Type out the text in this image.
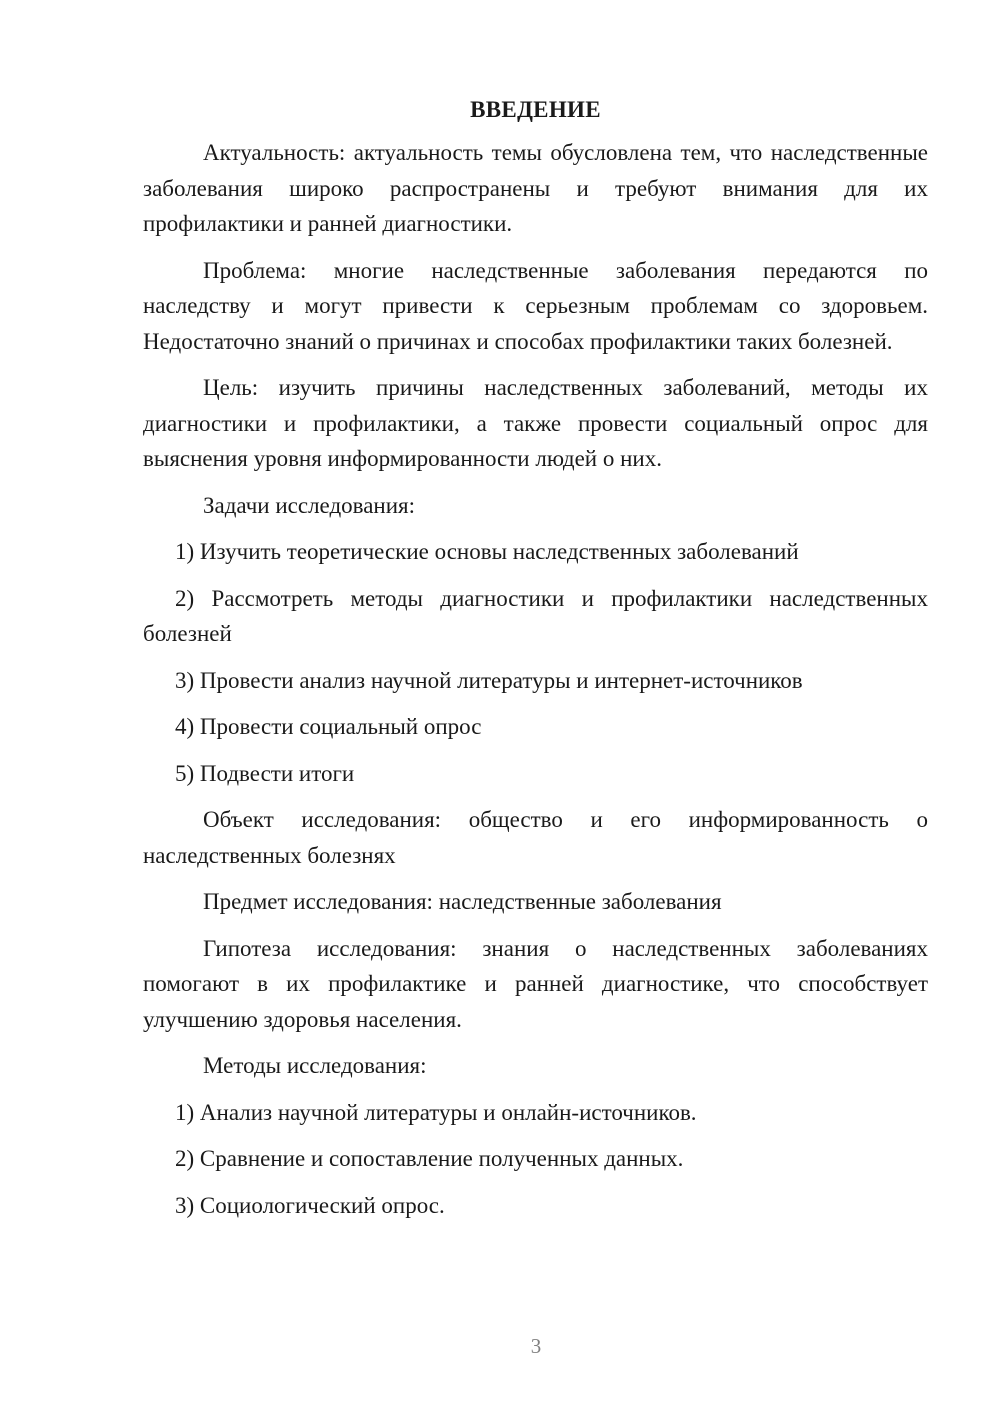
ВВЕДЕНИЕ

Актуальность: актуальность темы обусловлена тем, что наследственные заболевания широко распространены и требуют внимания для их профилактики и ранней диагностики.

Проблема: многие наследственные заболевания передаются по наследству и могут привести к серьезным проблемам со здоровьем. Недостаточно знаний о причинах и способах профилактики таких болезней.

Цель: изучить причины наследственных заболеваний, методы их диагностики и профилактики, а также провести социальный опрос для выяснения уровня информированности людей о них.

Задачи исследования:

1) Изучить теоретические основы наследственных заболеваний

2) Рассмотреть методы диагностики и профилактики наследственных болезней

3) Провести анализ научной литературы и интернет-источников

4) Провести социальный опрос

5) Подвести итоги

Объект исследования: общество и его информированность о наследственных болезнях

Предмет исследования: наследственные заболевания

Гипотеза исследования: знания о наследственных заболеваниях помогают в их профилактике и ранней диагностике, что способствует улучшению здоровья населения.

Методы исследования:

1) Анализ научной литературы и онлайн-источников.

2) Сравнение и сопоставление полученных данных.

3) Социологический опрос.

3
